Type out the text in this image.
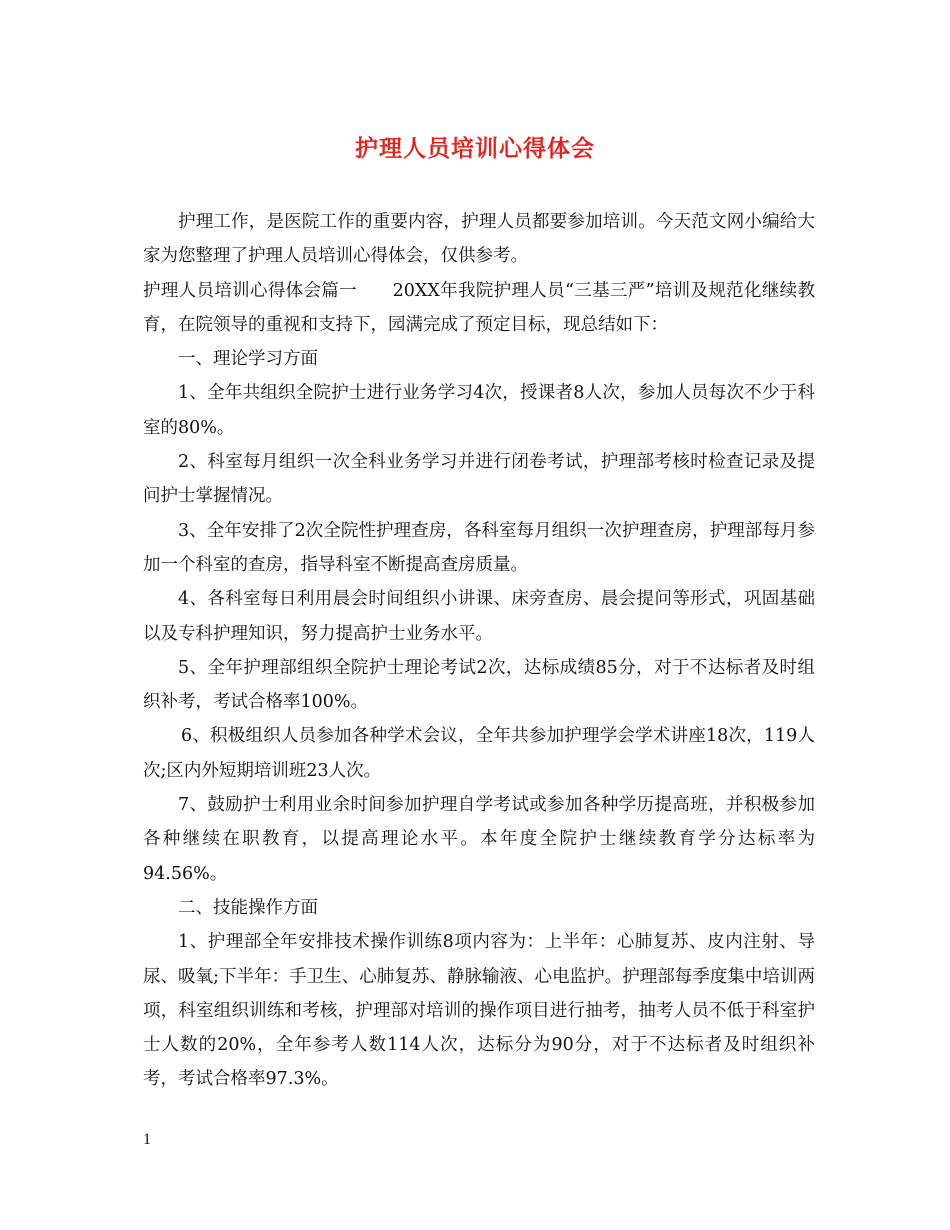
护理人员培训心得体会

护理工作，是医院工作的重要内容，护理人员都要参加培训。今天范文网小编给大家为您整理了护理人员培训心得体会，仅供参考。

护理人员培训心得体会篇一　　20XX年我院护理人员“三基三严”培训及规范化继续教育，在院领导的重视和支持下，园满完成了预定目标，现总结如下：

一、理论学习方面

1、全年共组织全院护士进行业务学习4次，授课者8人次，参加人员每次不少于科室的80%。

2、科室每月组织一次全科业务学习并进行闭卷考试，护理部考核时检查记录及提问护士掌握情况。

3、全年安排了2次全院性护理查房，各科室每月组织一次护理查房，护理部每月参加一个科室的查房，指导科室不断提高查房质量。

4、各科室每日利用晨会时间组织小讲课、床旁查房、晨会提问等形式，巩固基础以及专科护理知识，努力提高护士业务水平。

5、全年护理部组织全院护士理论考试2次，达标成绩85分，对于不达标者及时组织补考，考试合格率100%。

6、积极组织人员参加各种学术会议，全年共参加护理学会学术讲座18次，119人次;区内外短期培训班23人次。

7、鼓励护士利用业余时间参加护理自学考试或参加各种学历提高班，并积极参加各种继续在职教育，以提高理论水平。本年度全院护士继续教育学分达标率为94.56%。

二、技能操作方面

1、护理部全年安排技术操作训练8项内容为：上半年：心肺复苏、皮内注射、导尿、吸氧;下半年：手卫生、心肺复苏、静脉输液、心电监护。护理部每季度集中培训两项，科室组织训练和考核，护理部对培训的操作项目进行抽考，抽考人员不低于科室护士人数的20%，全年参考人数114人次，达标分为90分，对于不达标者及时组织补考，考试合格率97.3%。

1
